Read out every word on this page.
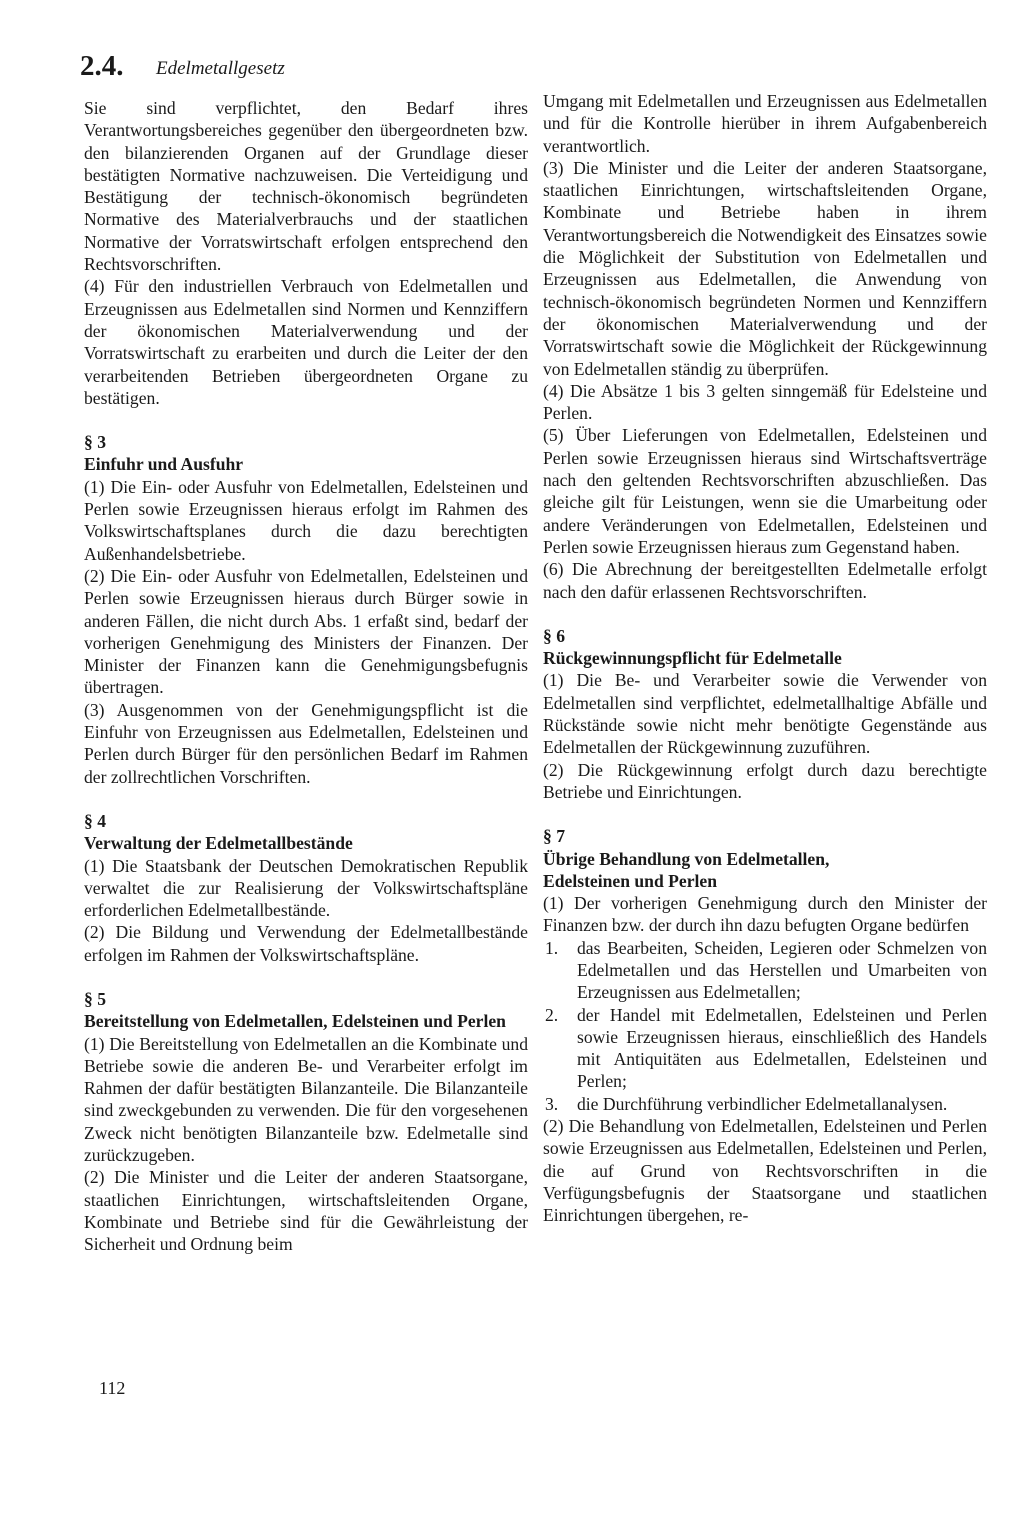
2.4. Edelmetallgesetz

Sie sind verpflichtet, den Bedarf ihres Verantwortungsbereiches gegenüber den übergeordneten bzw. den bilanzierenden Organen auf der Grundlage dieser bestätigten Normative nachzuweisen. Die Verteidigung und Bestätigung der technisch-ökonomisch begründeten Normative des Materialverbrauchs und der staatlichen Normative der Vorratswirtschaft erfolgen entsprechend den Rechtsvorschriften.

(4) Für den industriellen Verbrauch von Edelmetallen und Erzeugnissen aus Edelmetallen sind Normen und Kennziffern der ökonomischen Materialverwendung und der Vorratswirtschaft zu erarbeiten und durch die Leiter der den verarbeitenden Betrieben übergeordneten Organe zu bestätigen.

§ 3

Einfuhr und Ausfuhr

(1) Die Ein- oder Ausfuhr von Edelmetallen, Edelsteinen und Perlen sowie Erzeugnissen hieraus erfolgt im Rahmen des Volkswirtschaftsplanes durch die dazu berechtigten Außenhandelsbetriebe.

(2) Die Ein- oder Ausfuhr von Edelmetallen, Edelsteinen und Perlen sowie Erzeugnissen hieraus durch Bürger sowie in anderen Fällen, die nicht durch Abs. 1 erfaßt sind, bedarf der vorherigen Genehmigung des Ministers der Finanzen. Der Minister der Finanzen kann die Genehmigungsbefugnis übertragen.

(3) Ausgenommen von der Genehmigungspflicht ist die Einfuhr von Erzeugnissen aus Edelmetallen, Edelsteinen und Perlen durch Bürger für den persönlichen Bedarf im Rahmen der zollrechtlichen Vorschriften.

§ 4

Verwaltung der Edelmetallbestände

(1) Die Staatsbank der Deutschen Demokratischen Republik verwaltet die zur Realisierung der Volkswirtschaftspläne erforderlichen Edelmetallbestände.

(2) Die Bildung und Verwendung der Edelmetallbestände erfolgen im Rahmen der Volkswirtschaftspläne.

§ 5

Bereitstellung von Edelmetallen, Edelsteinen und Perlen

(1) Die Bereitstellung von Edelmetallen an die Kombinate und Betriebe sowie die anderen Be- und Verarbeiter erfolgt im Rahmen der dafür bestätigten Bilanzanteile. Die Bilanzanteile sind zweckgebunden zu verwenden. Die für den vorgesehenen Zweck nicht benötigten Bilanzanteile bzw. Edelmetalle sind zurückzugeben.

(2) Die Minister und die Leiter der anderen Staatsorgane, staatlichen Einrichtungen, wirtschaftsleitenden Organe, Kombinate und Betriebe sind für die Gewährleistung der Sicherheit und Ordnung beim

Umgang mit Edelmetallen und Erzeugnissen aus Edelmetallen und für die Kontrolle hierüber in ihrem Aufgabenbereich verantwortlich.

(3) Die Minister und die Leiter der anderen Staatsorgane, staatlichen Einrichtungen, wirtschaftsleitenden Organe, Kombinate und Betriebe haben in ihrem Verantwortungsbereich die Notwendigkeit des Einsatzes sowie die Möglichkeit der Substitution von Edelmetallen und Erzeugnissen aus Edelmetallen, die Anwendung von technisch-ökonomisch begründeten Normen und Kennziffern der ökonomischen Materialverwendung und der Vorratswirtschaft sowie die Möglichkeit der Rückgewinnung von Edelmetallen ständig zu überprüfen.

(4) Die Absätze 1 bis 3 gelten sinngemäß für Edelsteine und Perlen.

(5) Über Lieferungen von Edelmetallen, Edelsteinen und Perlen sowie Erzeugnissen hieraus sind Wirtschaftsverträge nach den geltenden Rechtsvorschriften abzuschließen. Das gleiche gilt für Leistungen, wenn sie die Umarbeitung oder andere Veränderungen von Edelmetallen, Edelsteinen und Perlen sowie Erzeugnissen hieraus zum Gegenstand haben.

(6) Die Abrechnung der bereitgestellten Edelmetalle erfolgt nach den dafür erlassenen Rechtsvorschriften.

§ 6

Rückgewinnungspflicht für Edelmetalle

(1) Die Be- und Verarbeiter sowie die Verwender von Edelmetallen sind verpflichtet, edelmetallhaltige Abfälle und Rückstände sowie nicht mehr benötigte Gegenstände aus Edelmetallen der Rückgewinnung zuzuführen.

(2) Die Rückgewinnung erfolgt durch dazu berechtigte Betriebe und Einrichtungen.

§ 7

Übrige Behandlung von Edelmetallen,

Edelsteinen und Perlen

(1) Der vorherigen Genehmigung durch den Minister der Finanzen bzw. der durch ihn dazu befugten Organe bedürfen

1.	das Bearbeiten, Scheiden, Legieren oder Schmelzen von Edelmetallen und das Herstellen und Umarbeiten von Erzeugnissen aus Edelmetallen;
2.	der Handel mit Edelmetallen, Edelsteinen und Perlen sowie Erzeugnissen hieraus, einschließlich des Handels mit Antiquitäten aus Edelmetallen, Edelsteinen und Perlen;
3.	die Durchführung verbindlicher Edelmetallanalysen.

(2) Die Behandlung von Edelmetallen, Edelsteinen und Perlen sowie Erzeugnissen aus Edelmetallen, Edelsteinen und Perlen, die auf Grund von Rechtsvorschriften in die Verfügungsbefugnis der Staatsorgane und staatlichen Einrichtungen übergehen, re-

112
